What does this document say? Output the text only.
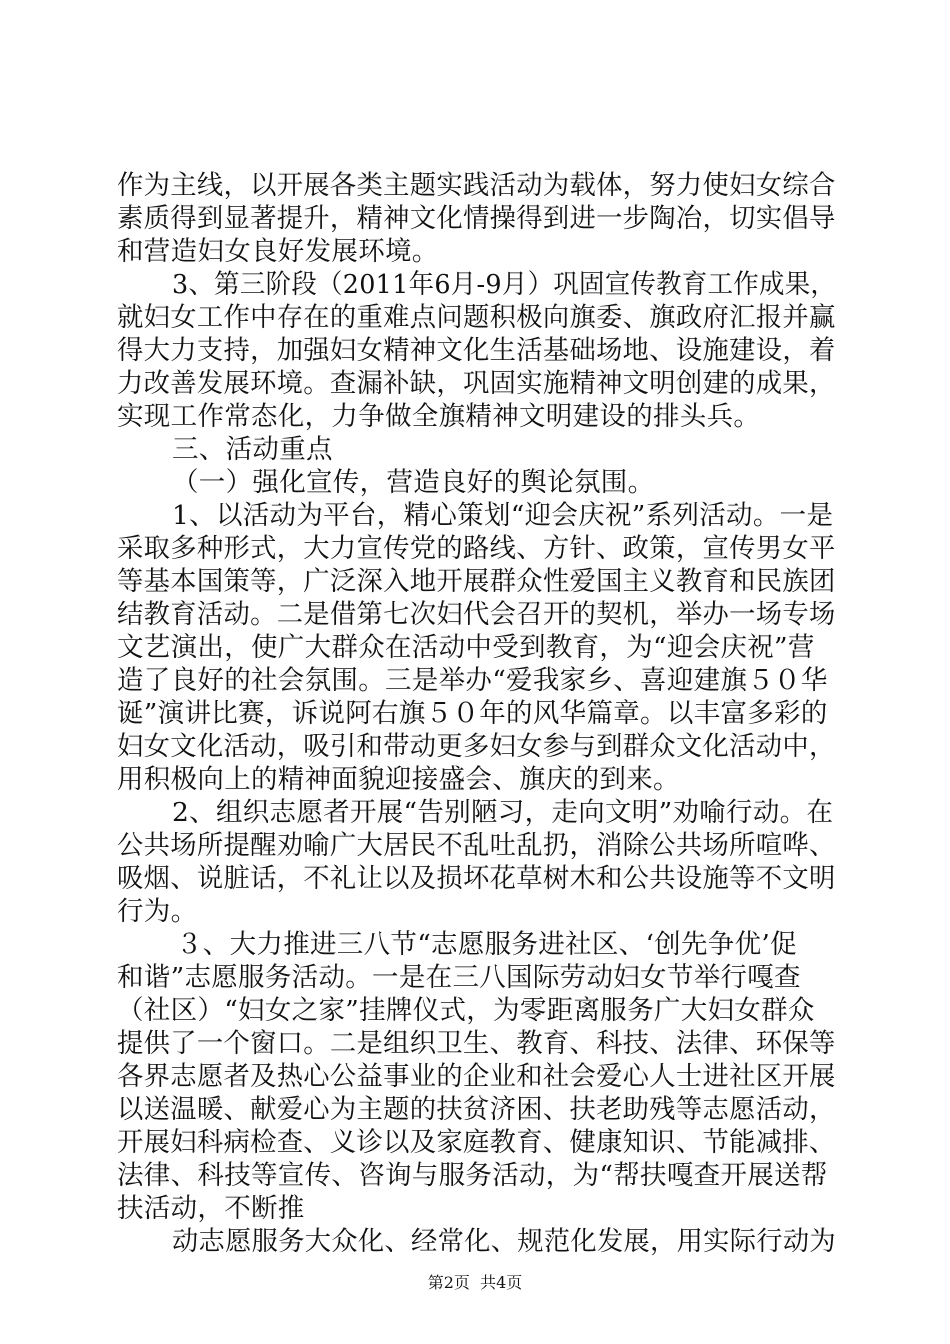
作为主线，以开展各类主题实践活动为载体，努力使妇女综合
素质得到显著提升，精神文化情操得到进一步陶冶，切实倡导
和营造妇女良好发展环境。
3、第三阶段（2011年6月-9月）巩固宣传教育工作成果，
就妇女工作中存在的重难点问题积极向旗委、旗政府汇报并赢
得大力支持，加强妇女精神文化生活基础场地、设施建设，着
力改善发展环境。查漏补缺，巩固实施精神文明创建的成果，
实现工作常态化，力争做全旗精神文明建设的排头兵。
三、活动重点
（一）强化宣传，营造良好的舆论氛围。
1、以活动为平台，精心策划“迎会庆祝”系列活动。一是
采取多种形式，大力宣传党的路线、方针、政策，宣传男女平
等基本国策等，广泛深入地开展群众性爱国主义教育和民族团
结教育活动。二是借第七次妇代会召开的契机，举办一场专场
文艺演出，使广大群众在活动中受到教育，为“迎会庆祝”营
造了良好的社会氛围。三是举办“爱我家乡、喜迎建旗５０华
诞”演讲比赛，诉说阿右旗５０年的风华篇章。以丰富多彩的
妇女文化活动，吸引和带动更多妇女参与到群众文化活动中，
用积极向上的精神面貌迎接盛会、旗庆的到来。
2、组织志愿者开展“告别陋习，走向文明”劝喻行动。在
公共场所提醒劝喻广大居民不乱吐乱扔，消除公共场所喧哗、
吸烟、说脏话，不礼让以及损坏花草树木和公共设施等不文明
行为。
３、大力推进三八节“志愿服务进社区、‘创先争优’促
和谐”志愿服务活动。一是在三八国际劳动妇女节举行嘎查
（社区）“妇女之家”挂牌仪式，为零距离服务广大妇女群众
提供了一个窗口。二是组织卫生、教育、科技、法律、环保等
各界志愿者及热心公益事业的企业和社会爱心人士进社区开展
以送温暖、献爱心为主题的扶贫济困、扶老助残等志愿活动，
开展妇科病检查、义诊以及家庭教育、健康知识、节能减排、
法律、科技等宣传、咨询与服务活动，为“帮扶嘎查开展送帮
扶活动，不断推
动志愿服务大众化、经常化、规范化发展，用实际行动为
第2页  共4页
